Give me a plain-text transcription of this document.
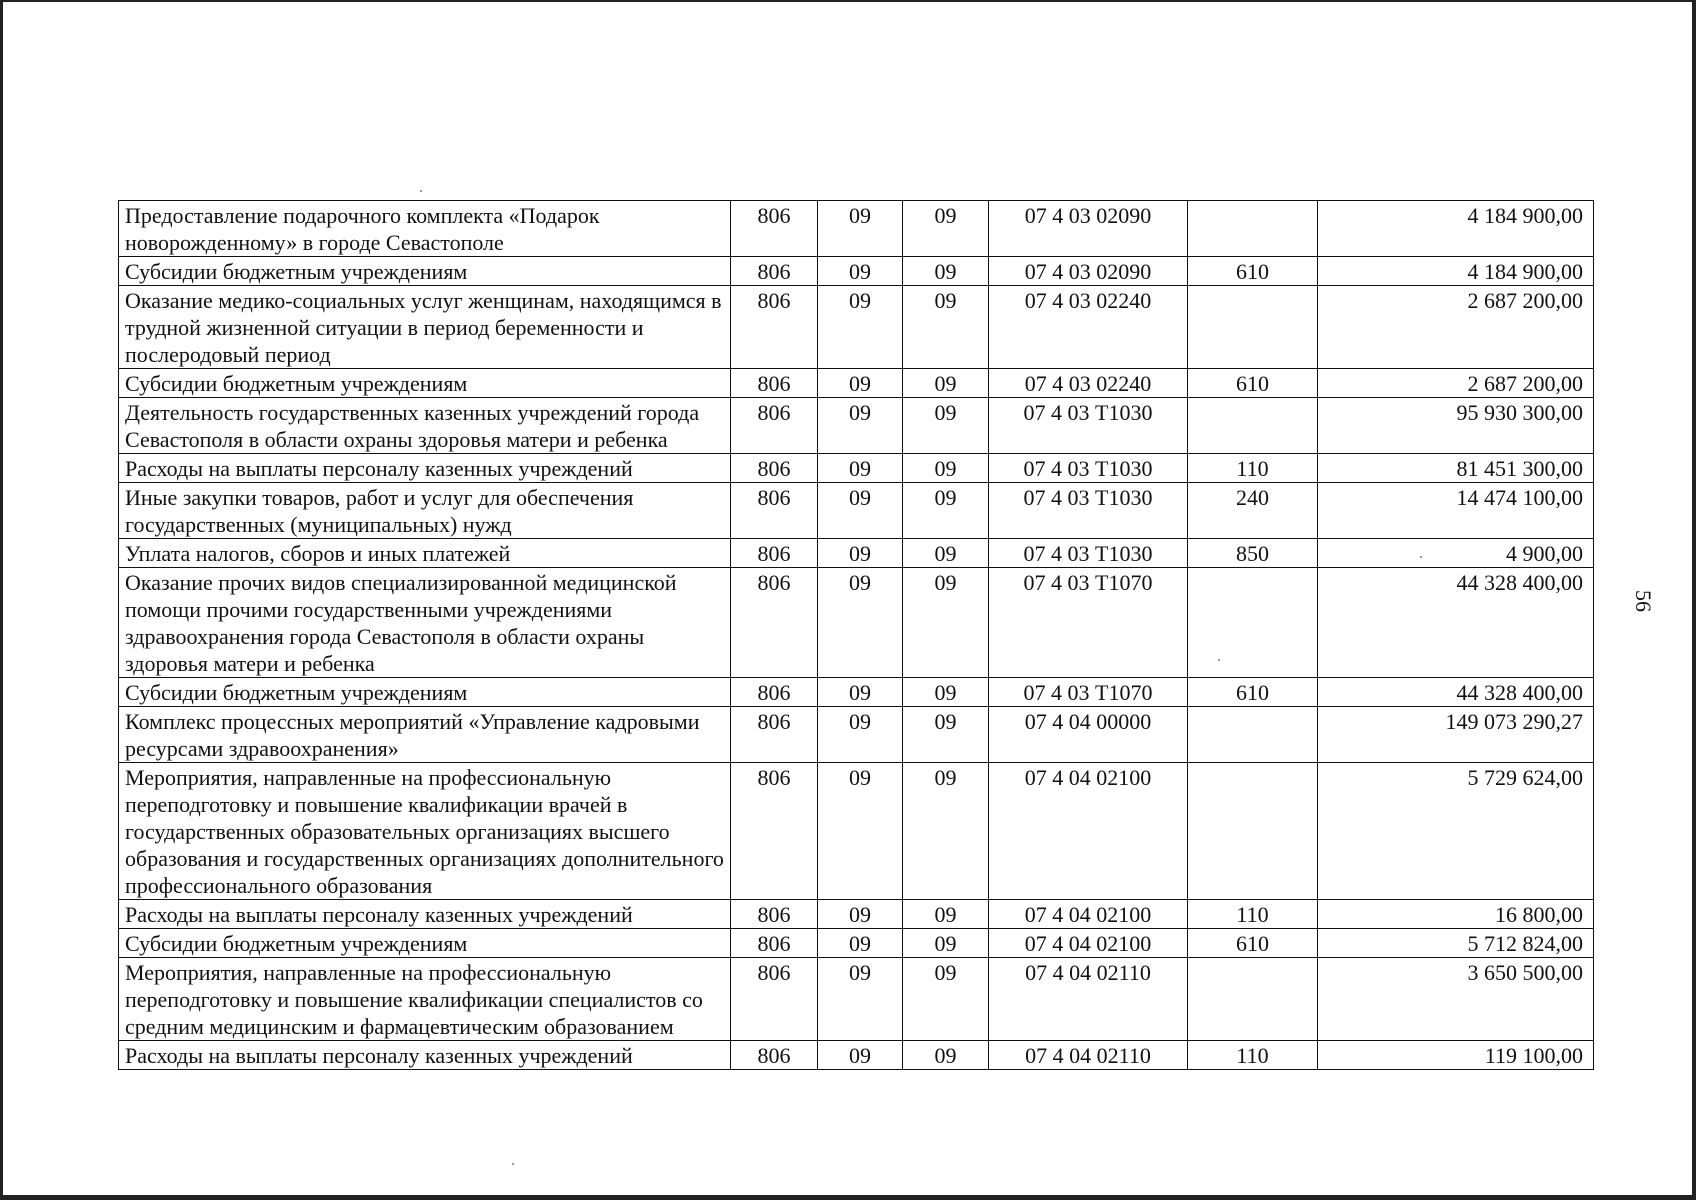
Предоставление подарочного комплекта «Подарок новорожденному» в городе Севастополе	806	09	09	07 4 03 02090		4 184 900,00
Субсидии бюджетным учреждениям	806	09	09	07 4 03 02090	610	4 184 900,00
Оказание медико-социальных услуг женщинам, находящимся в трудной жизненной ситуации в период беременности и послеродовый период	806	09	09	07 4 03 02240		2 687 200,00
Субсидии бюджетным учреждениям	806	09	09	07 4 03 02240	610	2 687 200,00
Деятельность государственных казенных учреждений города Севастополя в области охраны здоровья матери и ребенка	806	09	09	07 4 03 Т1030		95 930 300,00
Расходы на выплаты персоналу казенных учреждений	806	09	09	07 4 03 Т1030	110	81 451 300,00
Иные закупки товаров, работ и услуг для обеспечения государственных (муниципальных) нужд	806	09	09	07 4 03 Т1030	240	14 474 100,00
Уплата налогов, сборов и иных платежей	806	09	09	07 4 03 Т1030	850	4 900,00
Оказание прочих видов специализированной медицинской помощи прочими государственными учреждениями здравоохранения города Севастополя в области охраны здоровья матери и ребенка	806	09	09	07 4 03 Т1070		44 328 400,00
Субсидии бюджетным учреждениям	806	09	09	07 4 03 Т1070	610	44 328 400,00
Комплекс процессных мероприятий «Управление кадровыми ресурсами здравоохранения»	806	09	09	07 4 04 00000		149 073 290,27
Мероприятия, направленные на профессиональную переподготовку и повышение квалификации врачей в государственных образовательных организациях высшего образования и государственных организациях дополнительного профессионального образования	806	09	09	07 4 04 02100		5 729 624,00
Расходы на выплаты персоналу казенных учреждений	806	09	09	07 4 04 02100	110	16 800,00
Субсидии бюджетным учреждениям	806	09	09	07 4 04 02100	610	5 712 824,00
Мероприятия, направленные на профессиональную переподготовку и повышение квалификации специалистов со средним медицинским и фармацевтическим образованием	806	09	09	07 4 04 02110		3 650 500,00
Расходы на выплаты персоналу казенных учреждений	806	09	09	07 4 04 02110	110	119 100,00
56
